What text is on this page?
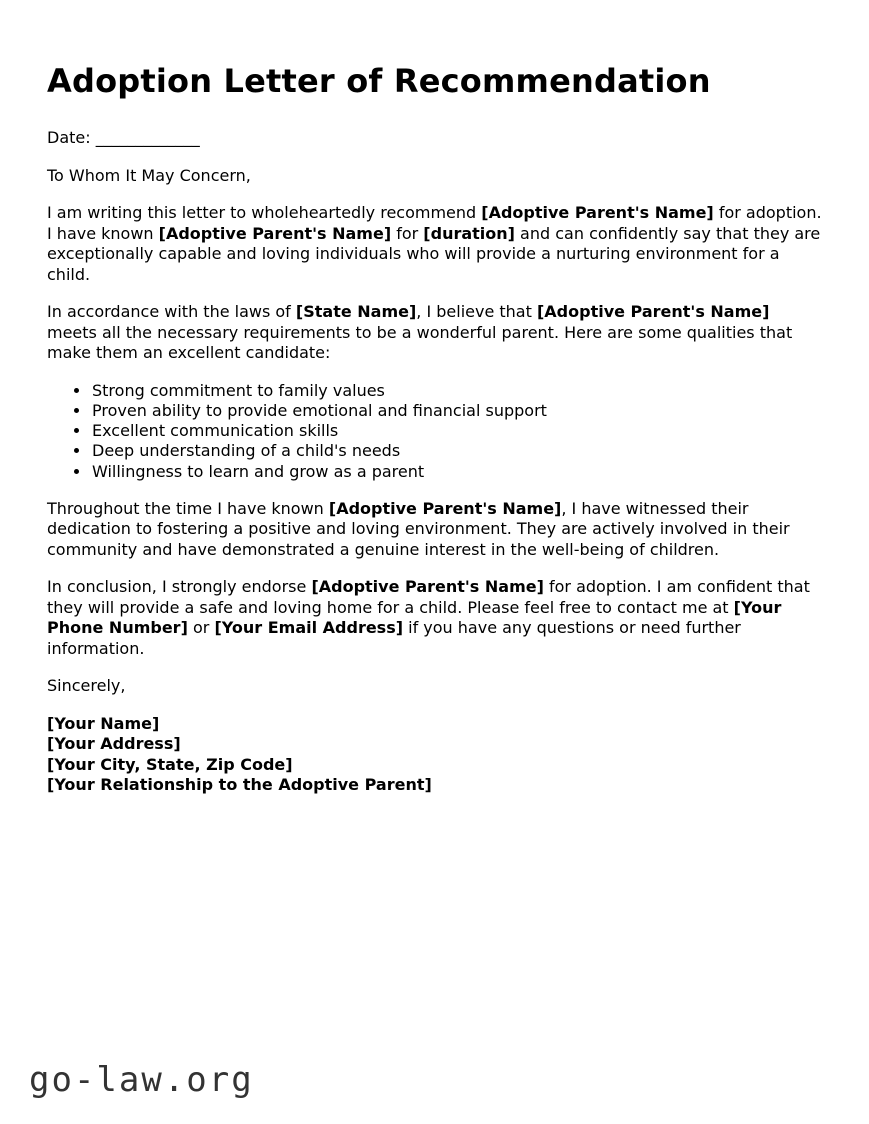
Adoption Letter of Recommendation

Date: _____________

To Whom It May Concern,

I am writing this letter to wholeheartedly recommend [Adoptive Parent's Name] for adoption. I have known [Adoptive Parent's Name] for [duration] and can confidently say that they are exceptionally capable and loving individuals who will provide a nurturing environment for a child.

In accordance with the laws of [State Name], I believe that [Adoptive Parent's Name] meets all the necessary requirements to be a wonderful parent. Here are some qualities that make them an excellent candidate:

• Strong commitment to family values
• Proven ability to provide emotional and financial support
• Excellent communication skills
• Deep understanding of a child's needs
• Willingness to learn and grow as a parent

Throughout the time I have known [Adoptive Parent's Name], I have witnessed their dedication to fostering a positive and loving environment. They are actively involved in their community and have demonstrated a genuine interest in the well-being of children.

In conclusion, I strongly endorse [Adoptive Parent's Name] for adoption. I am confident that they will provide a safe and loving home for a child. Please feel free to contact me at [Your Phone Number] or [Your Email Address] if you have any questions or need further information.

Sincerely,

[Your Name]
[Your Address]
[Your City, State, Zip Code]
[Your Relationship to the Adoptive Parent]
go-law.org
